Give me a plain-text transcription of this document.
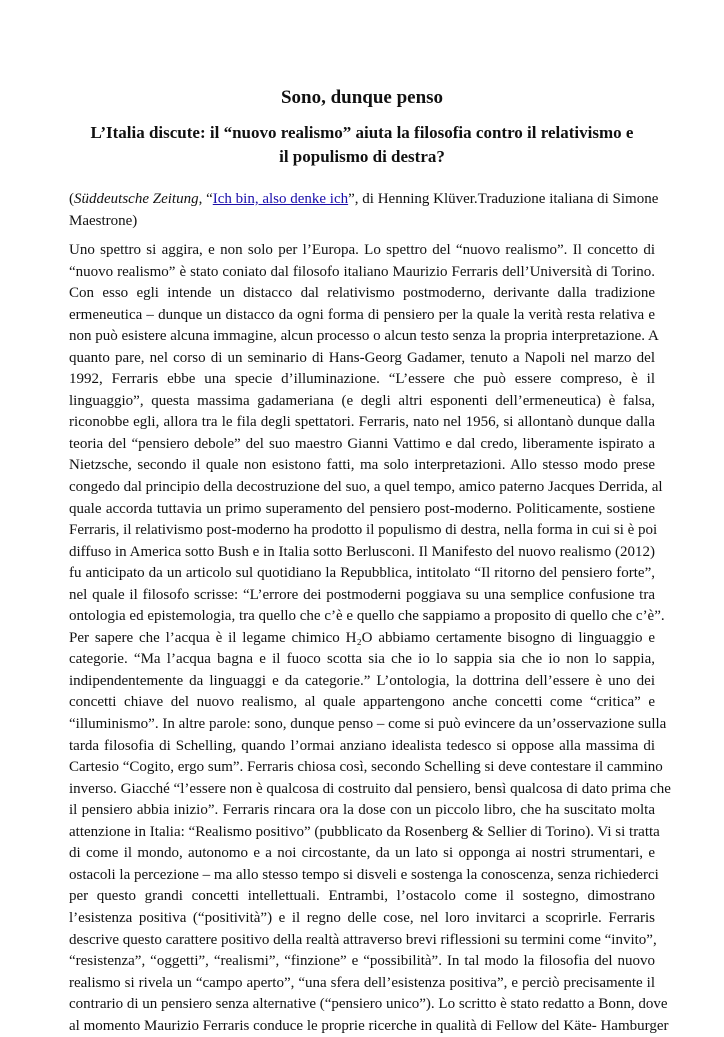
Sono, dunque penso
L’Italia discute: il “nuovo realismo” aiuta la filosofia contro il relativismo e il populismo di destra?

(Süddeutsche Zeitung, “Ich bin, also denke ich”, di Henning Klüver.Traduzione italiana di Simone
Maestrone)

Uno spettro si aggira, e non solo per l’Europa. Lo spettro del “nuovo realismo”. Il concetto di
“nuovo realismo” è stato coniato dal filosofo italiano Maurizio Ferraris dell’Università di Torino.
Con esso egli intende un distacco dal relativismo postmoderno, derivante dalla tradizione
ermeneutica – dunque un distacco da ogni forma di pensiero per la quale la verità resta relativa e
non può esistere alcuna immagine, alcun processo o alcun testo senza la propria interpretazione. A
quanto pare, nel corso di un seminario di Hans-Georg Gadamer, tenuto a Napoli nel marzo del
1992, Ferraris ebbe una specie d’illuminazione. “L’essere che può essere compreso, è il
linguaggio”, questa massima gadameriana (e degli altri esponenti dell’ermeneutica) è falsa,
riconobbe egli, allora tra le fila degli spettatori. Ferraris, nato nel 1956, si allontanò dunque dalla
teoria del “pensiero debole” del suo maestro Gianni Vattimo e dal credo, liberamente ispirato a
Nietzsche, secondo il quale non esistono fatti, ma solo interpretazioni. Allo stesso modo prese
congedo dal principio della decostruzione del suo, a quel tempo, amico paterno Jacques Derrida, al
quale accorda tuttavia un primo superamento del pensiero post-moderno. Politicamente, sostiene
Ferraris, il relativismo post-moderno ha prodotto il populismo di destra, nella forma in cui si è poi
diffuso in America sotto Bush e in Italia sotto Berlusconi. Il Manifesto del nuovo realismo (2012)
fu anticipato da un articolo sul quotidiano la Repubblica, intitolato “Il ritorno del pensiero forte”,
nel quale il filosofo scrisse: “L’errore dei postmoderni poggiava su una semplice confusione tra
ontologia ed epistemologia, tra quello che c’è e quello che sappiamo a proposito di quello che c’è”.
Per sapere che l’acqua è il legame chimico H₂O abbiamo certamente bisogno di linguaggio e
categorie. “Ma l’acqua bagna e il fuoco scotta sia che io lo sappia sia che io non lo sappia,
indipendentemente da linguaggi e da categorie.” L’ontologia, la dottrina dell’essere è uno dei
concetti chiave del nuovo realismo, al quale appartengono anche concetti come “critica” e
“illuminismo”. In altre parole: sono, dunque penso – come si può evincere da un’osservazione sulla
tarda filosofia di Schelling, quando l’ormai anziano idealista tedesco si oppose alla massima di
Cartesio “Cogito, ergo sum”. Ferraris chiosa così, secondo Schelling si deve contestare il cammino
inverso. Giacché “l’essere non è qualcosa di costruito dal pensiero, bensì qualcosa di dato prima che
il pensiero abbia inizio”. Ferraris rincara ora la dose con un piccolo libro, che ha suscitato molta
attenzione in Italia: “Realismo positivo” (pubblicato da Rosenberg & Sellier di Torino). Vi si tratta
di come il mondo, autonomo e a noi circostante, da un lato si opponga ai nostri strumentari, e
ostacoli la percezione – ma allo stesso tempo si disveli e sostenga la conoscenza, senza richiederci
per questo grandi concetti intellettuali. Entrambi, l’ostacolo come il sostegno, dimostrano
l’esistenza positiva (“positività”) e il regno delle cose, nel loro invitarci a scoprirle. Ferraris
descrive questo carattere positivo della realtà attraverso brevi riflessioni su termini come “invito”,
“resistenza”, “oggetti”, “realismi”, “finzione” e “possibilità”. In tal modo la filosofia del nuovo
realismo si rivela un “campo aperto”, “una sfera dell’esistenza positiva”, e perciò precisamente il
contrario di un pensiero senza alternative (“pensiero unico”). Lo scritto è stato redatto a Bonn, dove
al momento Maurizio Ferraris conduce le proprie ricerche in qualità di Fellow del Käte- Hamburger
